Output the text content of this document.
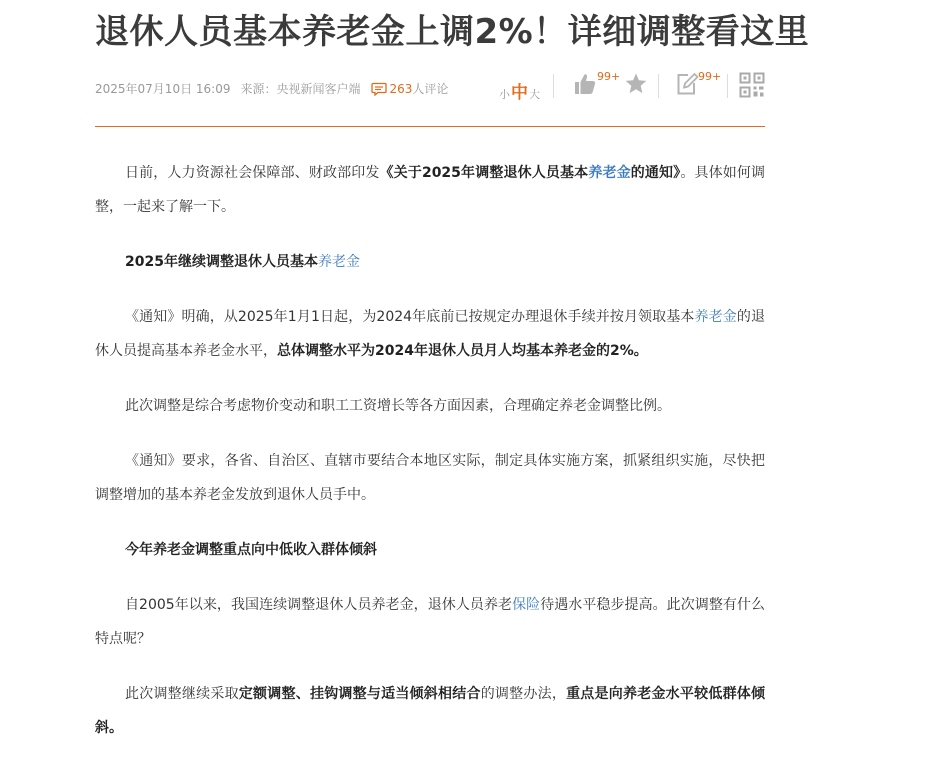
退休人员基本养老金上调2%！详细调整看这里
2025年07月10日 16:09 来源： 央视新闻客户端 263 人评论	小 中 大
99+	99+

日前，人力资源社会保障部、财政部印发《关于2025年调整退休人员基本养老金的通知》。具体如何调整，一起来了解一下。

2025年继续调整退休人员基本养老金

《通知》明确，从2025年1月1日起，为2024年底前已按规定办理退休手续并按月领取基本养老金的退休人员提高基本养老金水平，总体调整水平为2024年退休人员月人均基本养老金的2%。

此次调整是综合考虑物价变动和职工工资增长等各方面因素，合理确定养老金调整比例。

《通知》要求，各省、自治区、直辖市要结合本地区实际，制定具体实施方案，抓紧组织实施，尽快把调整增加的基本养老金发放到退休人员手中。

今年养老金调整重点向中低收入群体倾斜

自2005年以来，我国连续调整退休人员养老金，退休人员养老保险待遇水平稳步提高。此次调整有什么特点呢？

此次调整继续采取定额调整、挂钩调整与适当倾斜相结合的调整办法，重点是向养老金水平较低群体倾斜。
